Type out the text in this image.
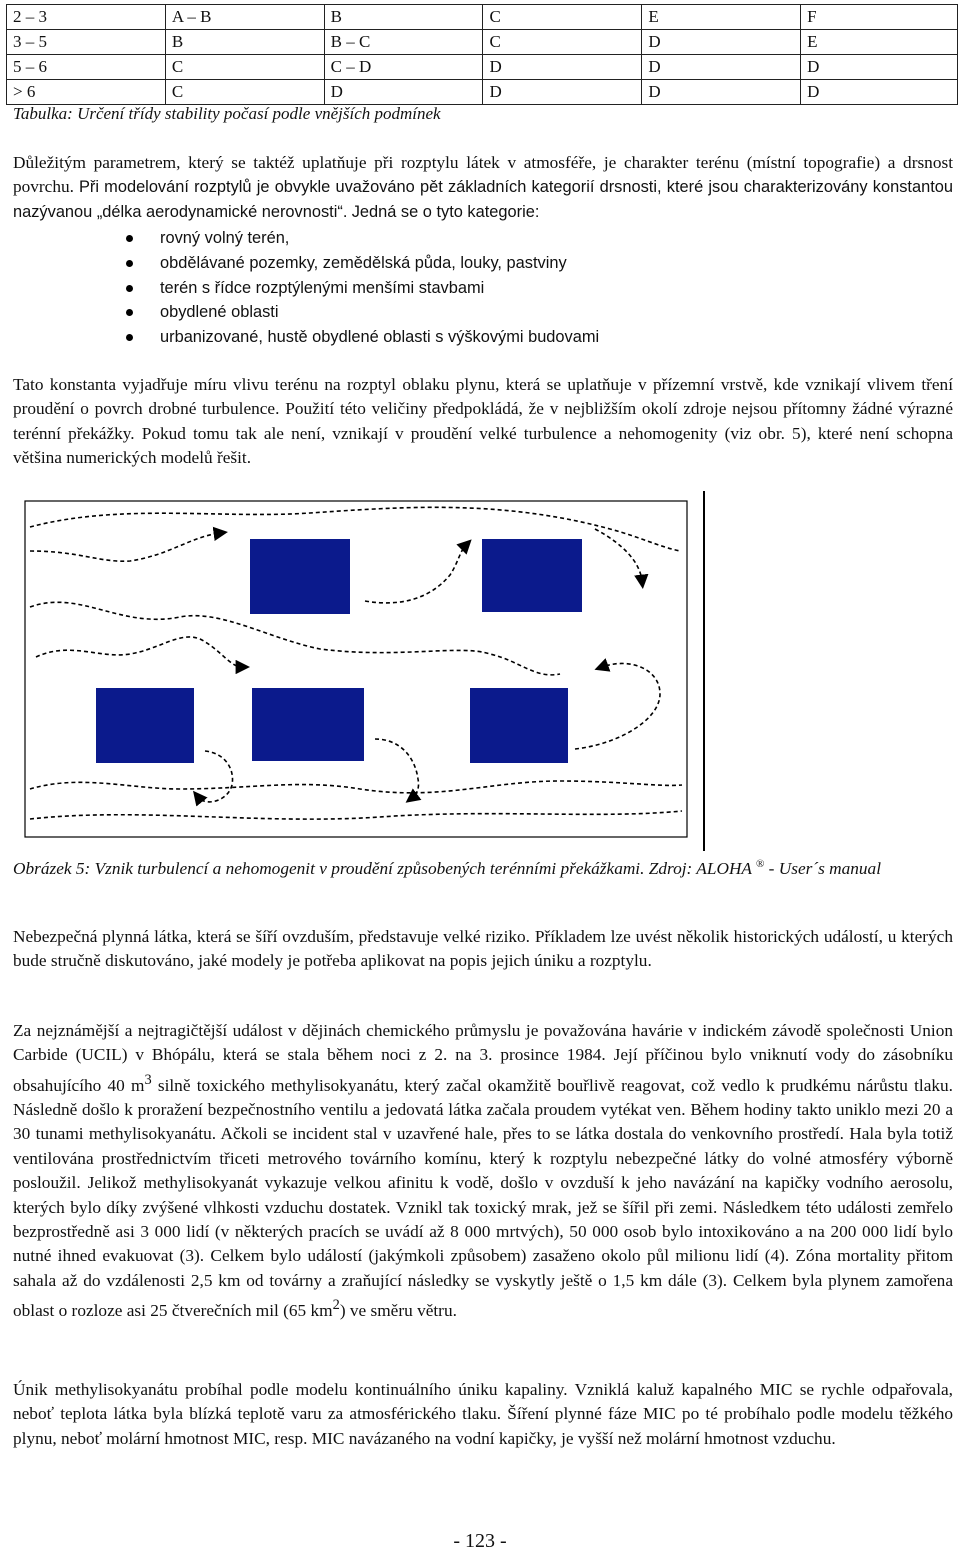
2 – 3	A – B	B	C	E	F
3 – 5	B	B – C	C	D	E
5 – 6	C	C – D	D	D	D
> 6	C	D	D	D	D
Tabulka: Určení třídy stability počasí podle vnějších podmínek

Důležitým parametrem, který se taktéž uplatňuje při rozptylu látek v atmosféře, je charakter terénu (místní topografie) a drsnost povrchu. Při modelování rozptylů je obvykle uvažováno pět základních kategorií drsnosti, které jsou charakterizovány konstantou nazývanou „délka aerodynamické nerovnosti“. Jedná se o tyto kategorie:

rovný volný terén,
obdělávané pozemky, zemědělská půda, louky, pastviny
terén s řídce rozptýlenými menšími stavbami
obydlené oblasti
urbanizované, hustě obydlené oblasti s výškovými budovami

Tato konstanta vyjadřuje míru vlivu terénu na rozptyl oblaku plynu, která se uplatňuje v přízemní vrstvě, kde vznikají vlivem tření proudění o povrch drobné turbulence. Použití této veličiny předpokládá, že v nejbližším okolí zdroje nejsou přítomny žádné výrazné terénní překážky. Pokud tomu tak ale není, vznikají v proudění velké turbulence a nehomogenity (viz obr. 5), které není schopna většina numerických modelů řešit.

Obrázek 5: Vznik turbulencí a nehomogenit v proudění způsobených terénními překážkami. Zdroj: ALOHA ® - User´s manual

Nebezpečná plynná látka, která se šíří ovzduším, představuje velké riziko. Příkladem lze uvést několik historických událostí, u kterých bude stručně diskutováno, jaké modely je potřeba aplikovat na popis jejich úniku a rozptylu.

Za nejznámější a nejtragičtější událost v dějinách chemického průmyslu je považována havárie v indickém závodě společnosti Union Carbide (UCIL) v Bhópálu, která se stala během noci z 2. na 3. prosince 1984. Její příčinou bylo vniknutí vody do zásobníku obsahujícího 40 $m^3$ silně toxického methylisokyanátu, který začal okamžitě bouřlivě reagovat, což vedlo k prudkému nárůstu tlaku. Následně došlo k proražení bezpečnostního ventilu a jedovatá látka začala proudem vytékat ven. Během hodiny takto uniklo mezi 20 a 30 tunami methylisokyanátu. Ačkoli se incident stal v uzavřené hale, přes to se látka dostala do venkovního prostředí. Hala byla totiž ventilována prostřednictvím třiceti metrového továrního komínu, který k rozptylu nebezpečné látky do volné atmosféry výborně posloužil. Jelikož methylisokyanát vykazuje velkou afinitu k vodě, došlo v ovzduší k jeho navázání na kapičky vodního aerosolu, kterých bylo díky zvýšené vlhkosti vzduchu dostatek. Vznikl tak toxický mrak, jež se šířil při zemi. Následkem této události zemřelo bezprostředně asi 3 000 lidí (v některých pracích se uvádí až 8 000 mrtvých), 50 000 osob bylo intoxikováno a na 200 000 lidí bylo nutné ihned evakuovat (3). Celkem bylo událostí (jakýmkoli způsobem) zasaženo okolo půl milionu lidí (4). Zóna mortality přitom sahala až do vzdálenosti 2,5 km od továrny a zraňující následky se vyskytly ještě o 1,5 km dále (3). Celkem byla plynem zamořena oblast o rozloze asi 25 čtverečních mil (65 $km^2$) ve směru větru.

Únik methylisokyanátu probíhal podle modelu kontinuálního úniku kapaliny. Vzniklá kaluž kapalného MIC se rychle odpařovala, neboť teplota látka byla blízká teplotě varu za atmosférického tlaku. Šíření plynné fáze MIC po té probíhalo podle modelu těžkého plynu, neboť molární hmotnost MIC, resp. MIC navázaného na vodní kapičky, je vyšší než molární hmotnost vzduchu.

- 123 -
